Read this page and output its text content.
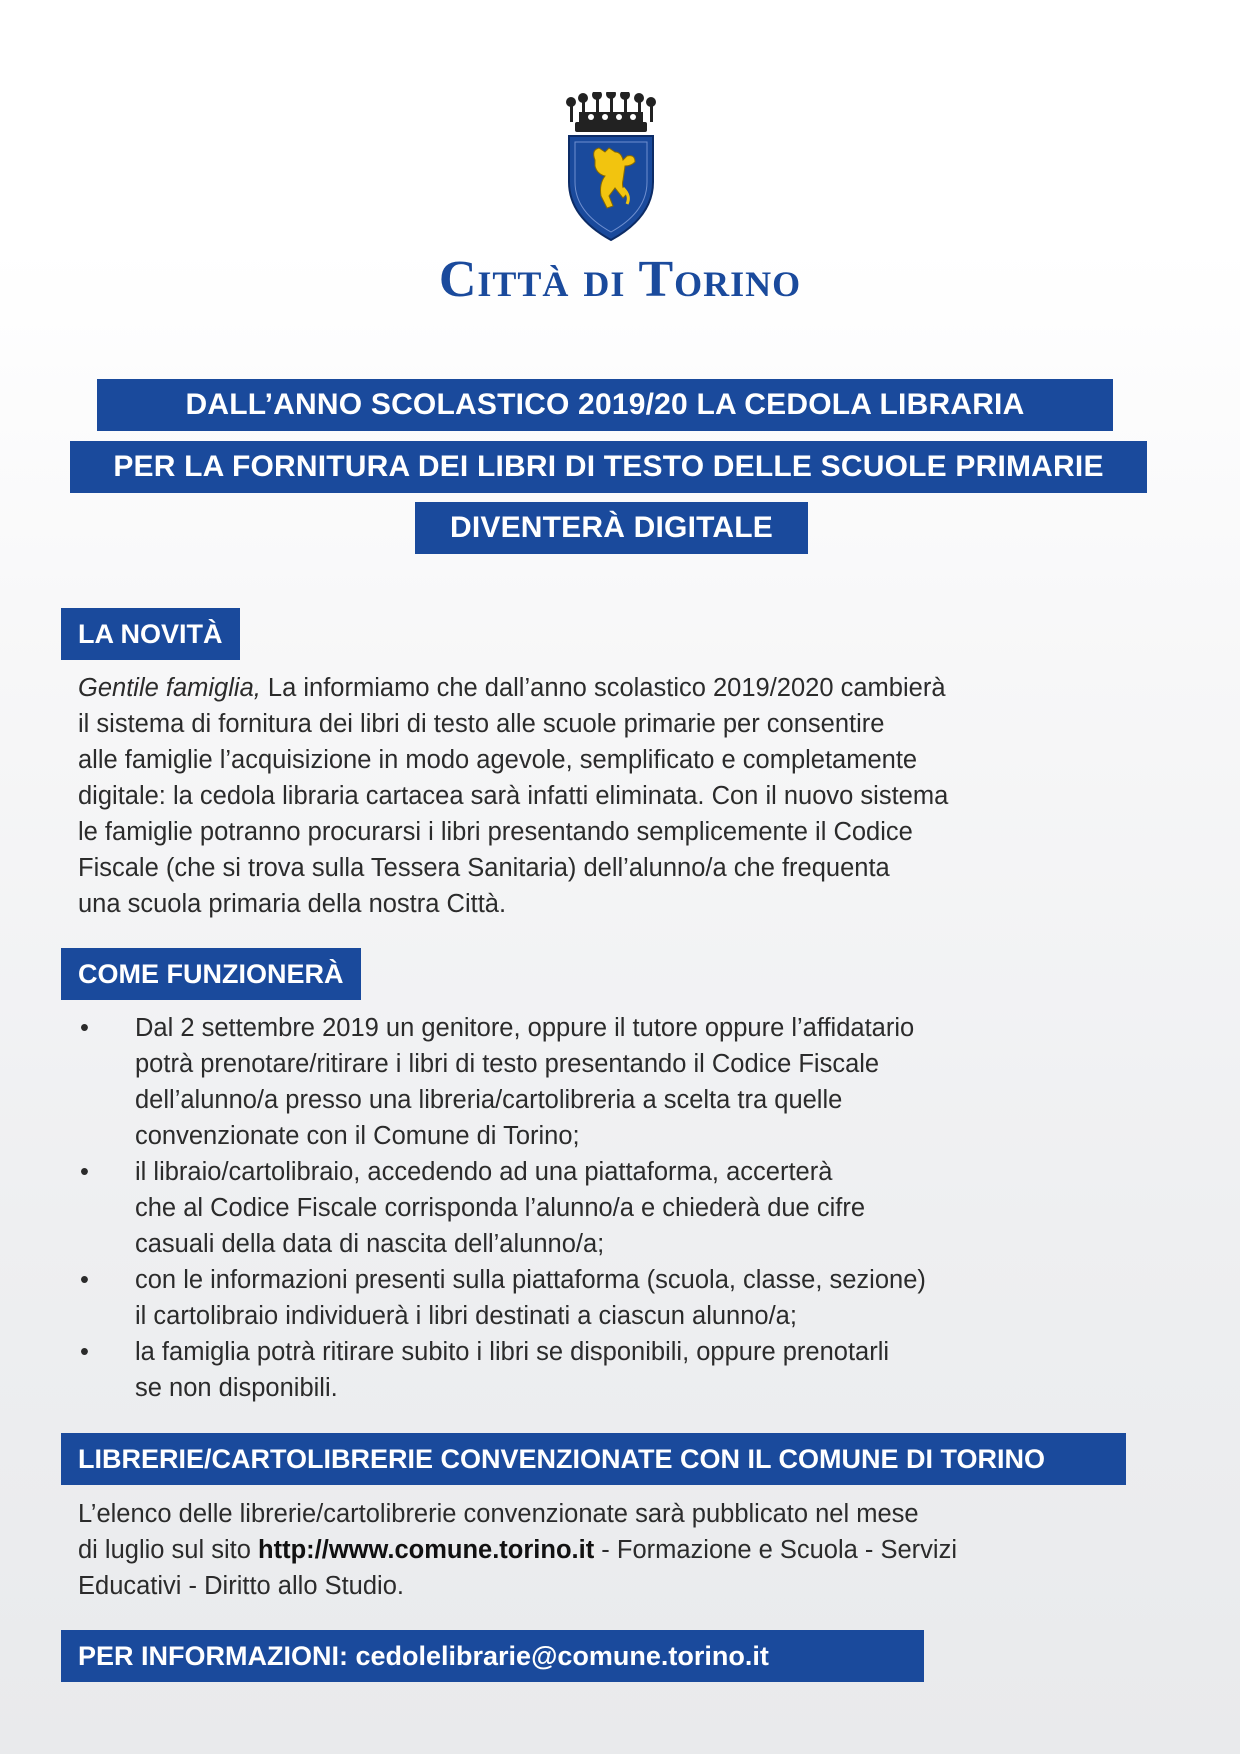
Città di Torino
DALL’ANNO SCOLASTICO 2019/20 LA CEDOLA LIBRARIA
PER LA FORNITURA DEI LIBRI DI TESTO DELLE SCUOLE PRIMARIE
DIVENTERÀ DIGITALE
LA NOVITÀ
Gentile famiglia, La informiamo che dall’anno scolastico 2019/2020 cambierà
il sistema di fornitura dei libri di testo alle scuole primarie per consentire
alle famiglie l’acquisizione in modo agevole, semplificato e completamente
digitale: la cedola libraria cartacea sarà infatti eliminata. Con il nuovo sistema
le famiglie potranno procurarsi i libri presentando semplicemente il Codice
Fiscale (che si trova sulla Tessera Sanitaria) dell’alunno/a che frequenta
una scuola primaria della nostra Città.
COME FUNZIONERÀ
• Dal 2 settembre 2019 un genitore, oppure il tutore oppure l’affidatario
potrà prenotare/ritirare i libri di testo presentando il Codice Fiscale
dell’alunno/a presso una libreria/cartolibreria a scelta tra quelle
convenzionate con il Comune di Torino;
• il libraio/cartolibraio, accedendo ad una piattaforma, accerterà
che al Codice Fiscale corrisponda l’alunno/a e chiederà due cifre
casuali della data di nascita dell’alunno/a;
• con le informazioni presenti sulla piattaforma (scuola, classe, sezione)
il cartolibraio individuerà i libri destinati a ciascun alunno/a;
• la famiglia potrà ritirare subito i libri se disponibili, oppure prenotarli
se non disponibili.
LIBRERIE/CARTOLIBRERIE CONVENZIONATE CON IL COMUNE DI TORINO
L’elenco delle librerie/cartolibrerie convenzionate sarà pubblicato nel mese
di luglio sul sito http://www.comune.torino.it - Formazione e Scuola - Servizi
Educativi - Diritto allo Studio.
PER INFORMAZIONI: cedolelibrarie@comune.torino.it
